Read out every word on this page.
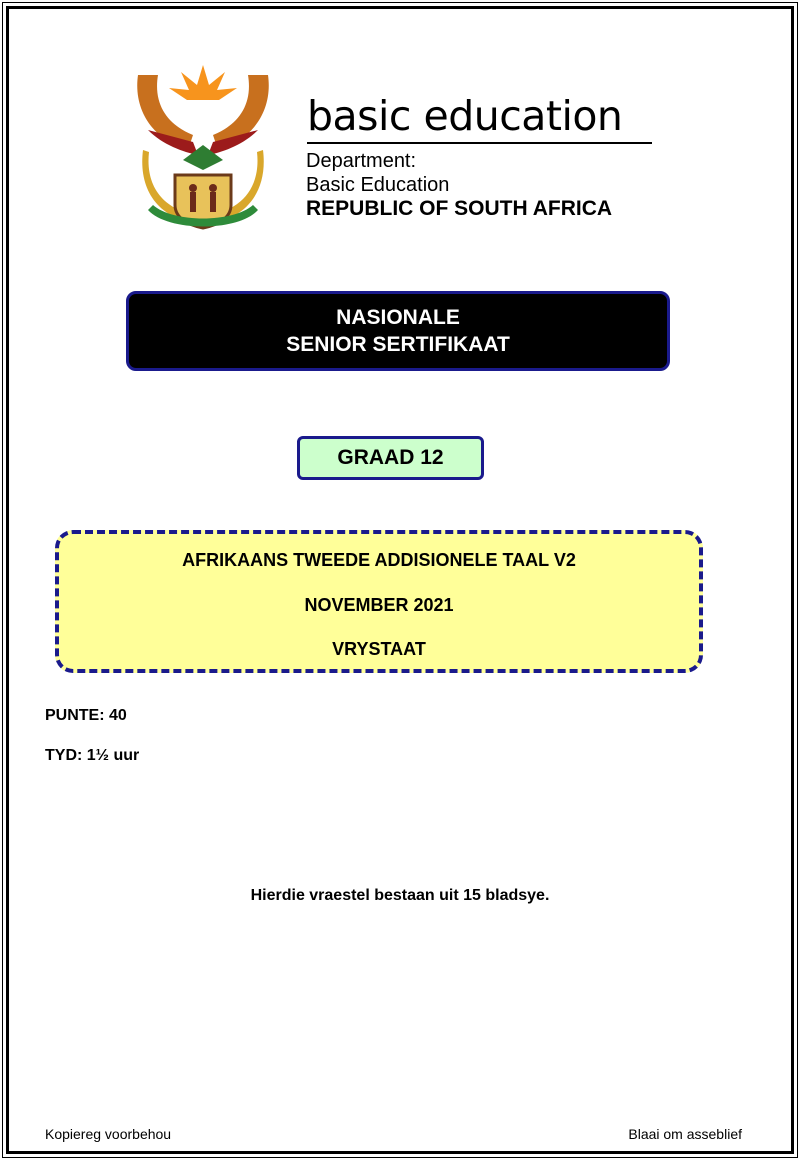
basic education
Department:
Basic Education
REPUBLIC OF SOUTH AFRICA
NASIONALE
SENIOR SERTIFIKAAT
GRAAD 12
AFRIKAANS TWEEDE ADDISIONELE TAAL V2
NOVEMBER 2021
VRYSTAAT
PUNTE: 40
TYD: 1½ uur
Hierdie vraestel bestaan uit 15 bladsye.
Kopiereg voorbehou	Blaai om asseblief
